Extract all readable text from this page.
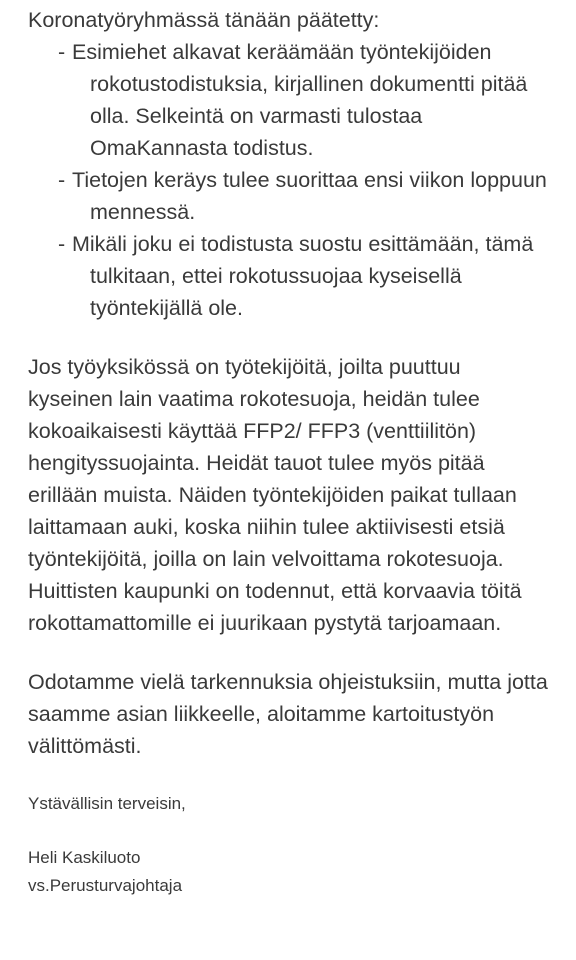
Koronatyöryhmässä tänään päätetty:
- Esimiehet alkavat keräämään työntekijöiden
rokotustodistuksia, kirjallinen dokumentti pitää
olla. Selkeintä on varmasti tulostaa
OmaKannasta todistus.
- Tietojen keräys tulee suorittaa ensi viikon loppuun
mennessä.
- Mikäli joku ei todistusta suostu esittämään, tämä
tulkitaan, ettei rokotussuojaa kyseisellä
työntekijällä ole.
Jos työyksikössä on työtekijöitä, joilta puuttuu
kyseinen lain vaatima rokotesuoja, heidän tulee
kokoaikaisesti käyttää FFP2/ FFP3 (venttiilitön)
hengityssuojainta. Heidät tauot tulee myös pitää
erillään muista. Näiden työntekijöiden paikat tullaan
laittamaan auki, koska niihin tulee aktiivisesti etsiä
työntekijöitä, joilla on lain velvoittama rokotesuoja.
Huittisten kaupunki on todennut, että korvaavia töitä
rokottamattomille ei juurikaan pystytä tarjoamaan.
Odotamme vielä tarkennuksia ohjeistuksiin, mutta jotta
saamme asian liikkeelle, aloitamme kartoitustyön
välittömästi.
Ystävällisin terveisin,
Heli Kaskiluoto
vs.Perusturvajohtaja
